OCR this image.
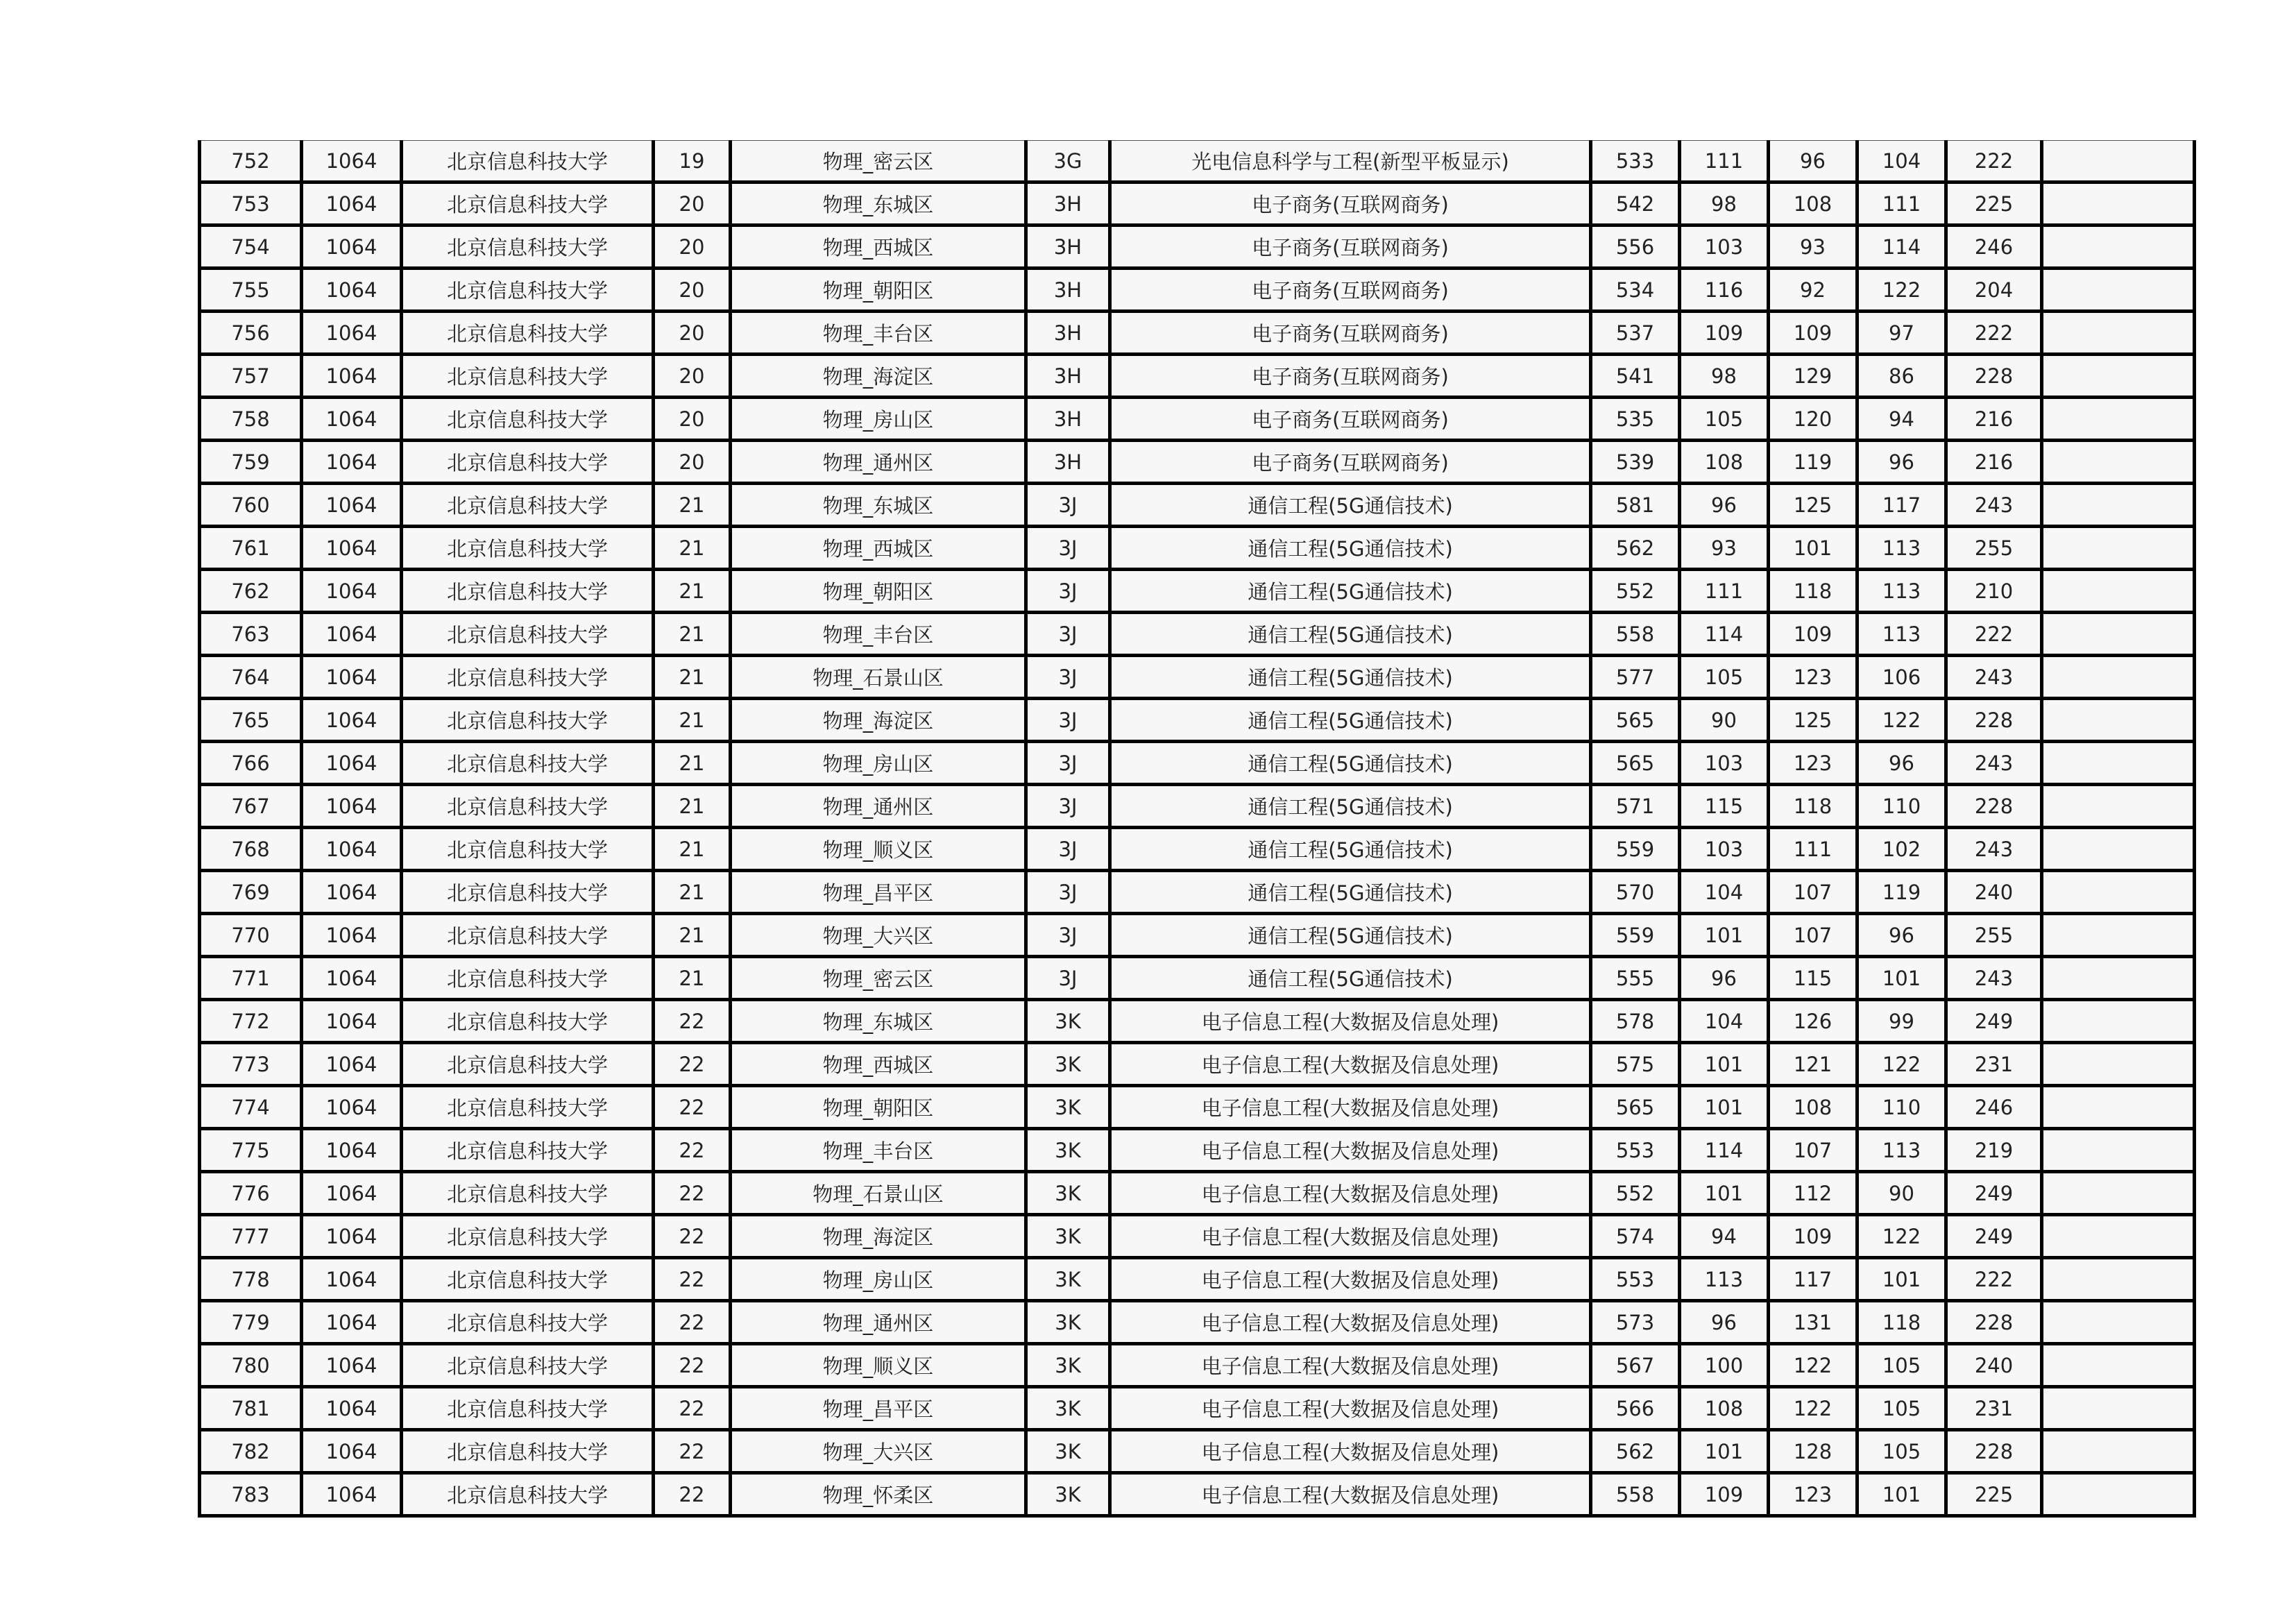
752	1064	北京信息科技大学	19	物理_密云区	3G	光电信息科学与工程(新型平板显示)	533	111	96	104	222	
753	1064	北京信息科技大学	20	物理_东城区	3H	电子商务(互联网商务)	542	98	108	111	225	
754	1064	北京信息科技大学	20	物理_西城区	3H	电子商务(互联网商务)	556	103	93	114	246	
755	1064	北京信息科技大学	20	物理_朝阳区	3H	电子商务(互联网商务)	534	116	92	122	204	
756	1064	北京信息科技大学	20	物理_丰台区	3H	电子商务(互联网商务)	537	109	109	97	222	
757	1064	北京信息科技大学	20	物理_海淀区	3H	电子商务(互联网商务)	541	98	129	86	228	
758	1064	北京信息科技大学	20	物理_房山区	3H	电子商务(互联网商务)	535	105	120	94	216	
759	1064	北京信息科技大学	20	物理_通州区	3H	电子商务(互联网商务)	539	108	119	96	216	
760	1064	北京信息科技大学	21	物理_东城区	3J	通信工程(5G通信技术)	581	96	125	117	243	
761	1064	北京信息科技大学	21	物理_西城区	3J	通信工程(5G通信技术)	562	93	101	113	255	
762	1064	北京信息科技大学	21	物理_朝阳区	3J	通信工程(5G通信技术)	552	111	118	113	210	
763	1064	北京信息科技大学	21	物理_丰台区	3J	通信工程(5G通信技术)	558	114	109	113	222	
764	1064	北京信息科技大学	21	物理_石景山区	3J	通信工程(5G通信技术)	577	105	123	106	243	
765	1064	北京信息科技大学	21	物理_海淀区	3J	通信工程(5G通信技术)	565	90	125	122	228	
766	1064	北京信息科技大学	21	物理_房山区	3J	通信工程(5G通信技术)	565	103	123	96	243	
767	1064	北京信息科技大学	21	物理_通州区	3J	通信工程(5G通信技术)	571	115	118	110	228	
768	1064	北京信息科技大学	21	物理_顺义区	3J	通信工程(5G通信技术)	559	103	111	102	243	
769	1064	北京信息科技大学	21	物理_昌平区	3J	通信工程(5G通信技术)	570	104	107	119	240	
770	1064	北京信息科技大学	21	物理_大兴区	3J	通信工程(5G通信技术)	559	101	107	96	255	
771	1064	北京信息科技大学	21	物理_密云区	3J	通信工程(5G通信技术)	555	96	115	101	243	
772	1064	北京信息科技大学	22	物理_东城区	3K	电子信息工程(大数据及信息处理)	578	104	126	99	249	
773	1064	北京信息科技大学	22	物理_西城区	3K	电子信息工程(大数据及信息处理)	575	101	121	122	231	
774	1064	北京信息科技大学	22	物理_朝阳区	3K	电子信息工程(大数据及信息处理)	565	101	108	110	246	
775	1064	北京信息科技大学	22	物理_丰台区	3K	电子信息工程(大数据及信息处理)	553	114	107	113	219	
776	1064	北京信息科技大学	22	物理_石景山区	3K	电子信息工程(大数据及信息处理)	552	101	112	90	249	
777	1064	北京信息科技大学	22	物理_海淀区	3K	电子信息工程(大数据及信息处理)	574	94	109	122	249	
778	1064	北京信息科技大学	22	物理_房山区	3K	电子信息工程(大数据及信息处理)	553	113	117	101	222	
779	1064	北京信息科技大学	22	物理_通州区	3K	电子信息工程(大数据及信息处理)	573	96	131	118	228	
780	1064	北京信息科技大学	22	物理_顺义区	3K	电子信息工程(大数据及信息处理)	567	100	122	105	240	
781	1064	北京信息科技大学	22	物理_昌平区	3K	电子信息工程(大数据及信息处理)	566	108	122	105	231	
782	1064	北京信息科技大学	22	物理_大兴区	3K	电子信息工程(大数据及信息处理)	562	101	128	105	228	
783	1064	北京信息科技大学	22	物理_怀柔区	3K	电子信息工程(大数据及信息处理)	558	109	123	101	225	
